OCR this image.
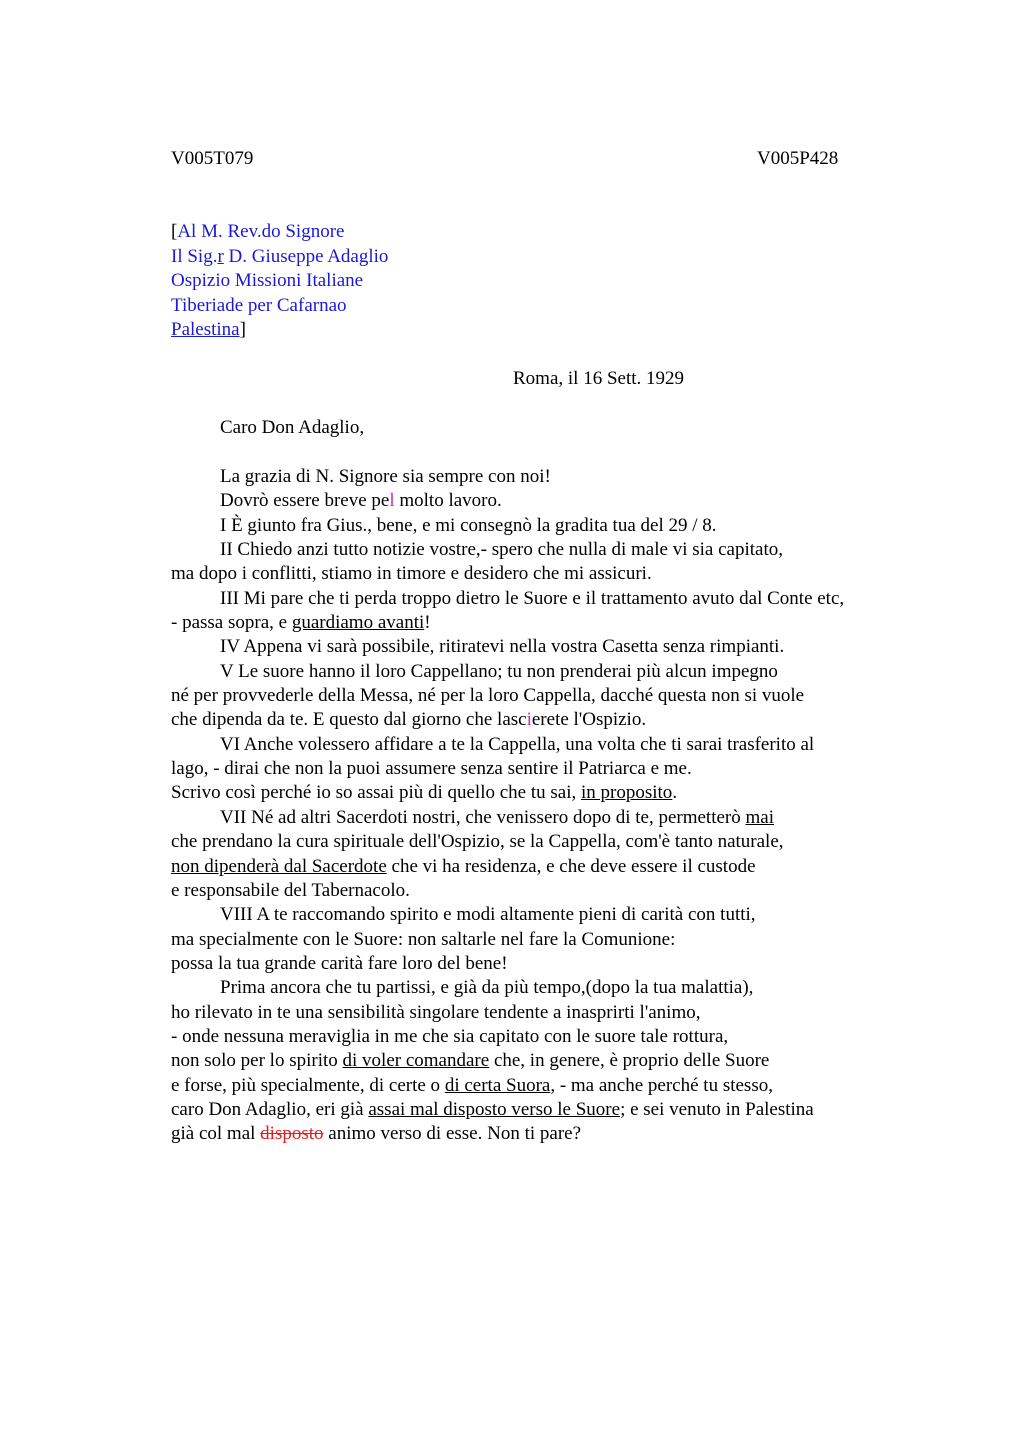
V005T079	V005P428
[Al M. Rev.do Signore
Il Sig.r D. Giuseppe Adaglio
Ospizio Missioni Italiane
Tiberiade per Cafarnao
Palestina]
Roma, il 16 Sett. 1929
Caro Don Adaglio,
La grazia di N. Signore sia sempre con noi!
Dovrò essere breve pel molto lavoro.
I È giunto fra Gius., bene, e mi consegnò la gradita tua del 29 / 8.
II Chiedo anzi tutto notizie vostre,- spero che nulla di male vi sia capitato,
ma dopo i conflitti, stiamo in timore e desidero che mi assicuri.
III Mi pare che ti perda troppo dietro le Suore e il trattamento avuto dal Conte etc,
- passa sopra, e guardiamo avanti!
IV Appena vi sarà possibile, ritiratevi nella vostra Casetta senza rimpianti.
V Le suore hanno il loro Cappellano; tu non prenderai più alcun impegno
né per provvederle della Messa, né per la loro Cappella, dacché questa non si vuole
che dipenda da te. E questo dal giorno che lascierete l'Ospizio.
VI Anche volessero affidare a te la Cappella, una volta che ti sarai trasferito al
lago, - dirai che non la puoi assumere senza sentire il Patriarca e me.
Scrivo così perché io so assai più di quello che tu sai, in proposito.
VII Né ad altri Sacerdoti nostri, che venissero dopo di te, permetterò mai
che prendano la cura spirituale dell'Ospizio, se la Cappella, com'è tanto naturale,
non dipenderà dal Sacerdote che vi ha residenza, e che deve essere il custode
e responsabile del Tabernacolo.
VIII A te raccomando spirito e modi altamente pieni di carità con tutti,
ma specialmente con le Suore: non saltarle nel fare la Comunione:
possa la tua grande carità fare loro del bene!
Prima ancora che tu partissi, e già da più tempo,(dopo la tua malattia),
ho rilevato in te una sensibilità singolare tendente a inasprirti l'animo,
- onde nessuna meraviglia in me che sia capitato con le suore tale rottura,
non solo per lo spirito di voler comandare che, in genere, è proprio delle Suore
e forse, più specialmente, di certe o di certa Suora, - ma anche perché tu stesso,
caro Don Adaglio, eri già assai mal disposto verso le Suore; e sei venuto in Palestina
già col mal disposto animo verso di esse. Non ti pare?
